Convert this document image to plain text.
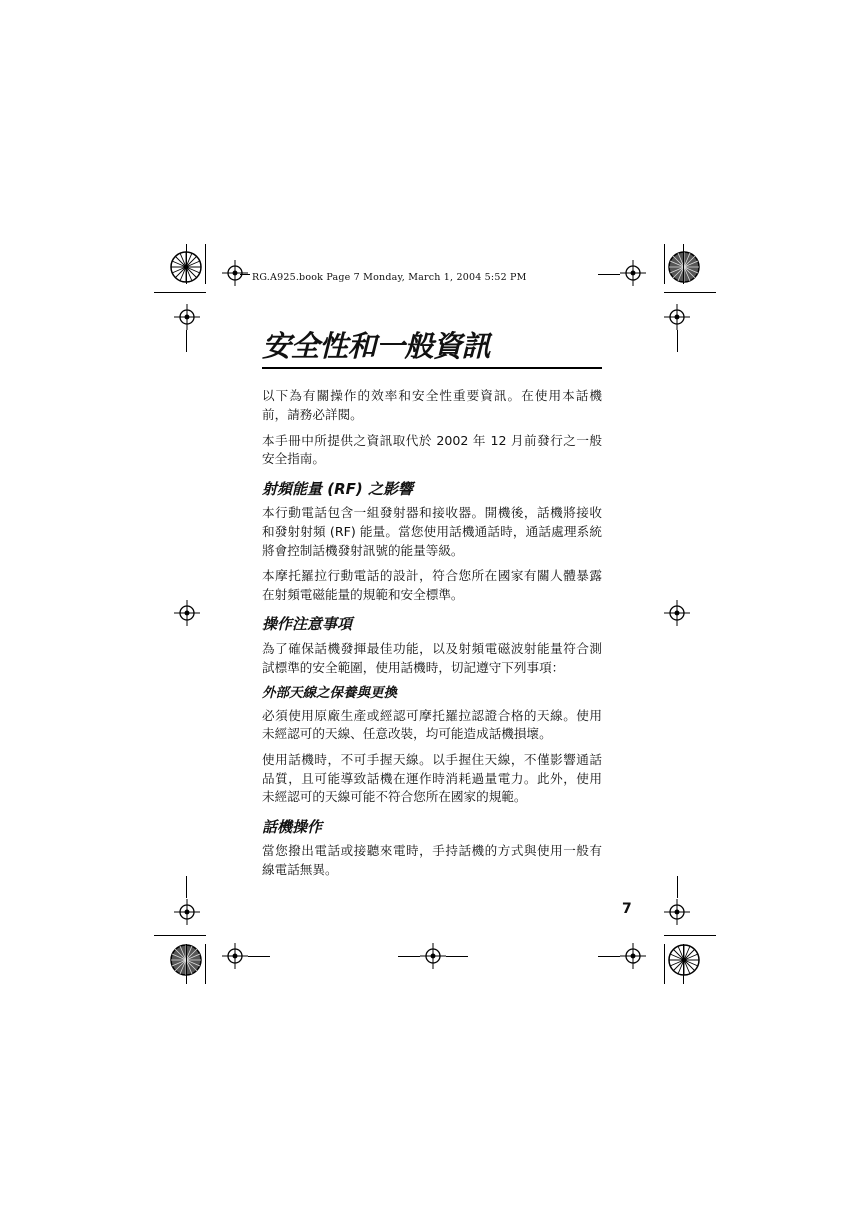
RG.A925.book Page 7 Monday, March 1, 2004 5:52 PM
安全性和一般資訊

以下為有關操作的效率和安全性重要資訊。在使用本話機前，請務必詳閱。

本手冊中所提供之資訊取代於 2002 年 12 月前發行之一般安全指南。

射頻能量 (RF) 之影響

本行動電話包含一組發射器和接收器。開機後，話機將接收和發射射頻 (RF) 能量。當您使用話機通話時，通話處理系統將會控制話機發射訊號的能量等級。

本摩托羅拉行動電話的設計，符合您所在國家有關人體暴露在射頻電磁能量的規範和安全標準。

操作注意事項

為了確保話機發揮最佳功能，以及射頻電磁波射能量符合測試標準的安全範圍，使用話機時，切記遵守下列事項：

外部天線之保養與更換

必須使用原廠生產或經認可摩托羅拉認證合格的天線。使用未經認可的天線、任意改裝，均可能造成話機損壞。

使用話機時，不可手握天線。以手握住天線，不僅影響通話品質，且可能導致話機在運作時消耗過量電力。此外，使用未經認可的天線可能不符合您所在國家的規範。

話機操作

當您撥出電話或接聽來電時，手持話機的方式與使用一般有線電話無異。

7
